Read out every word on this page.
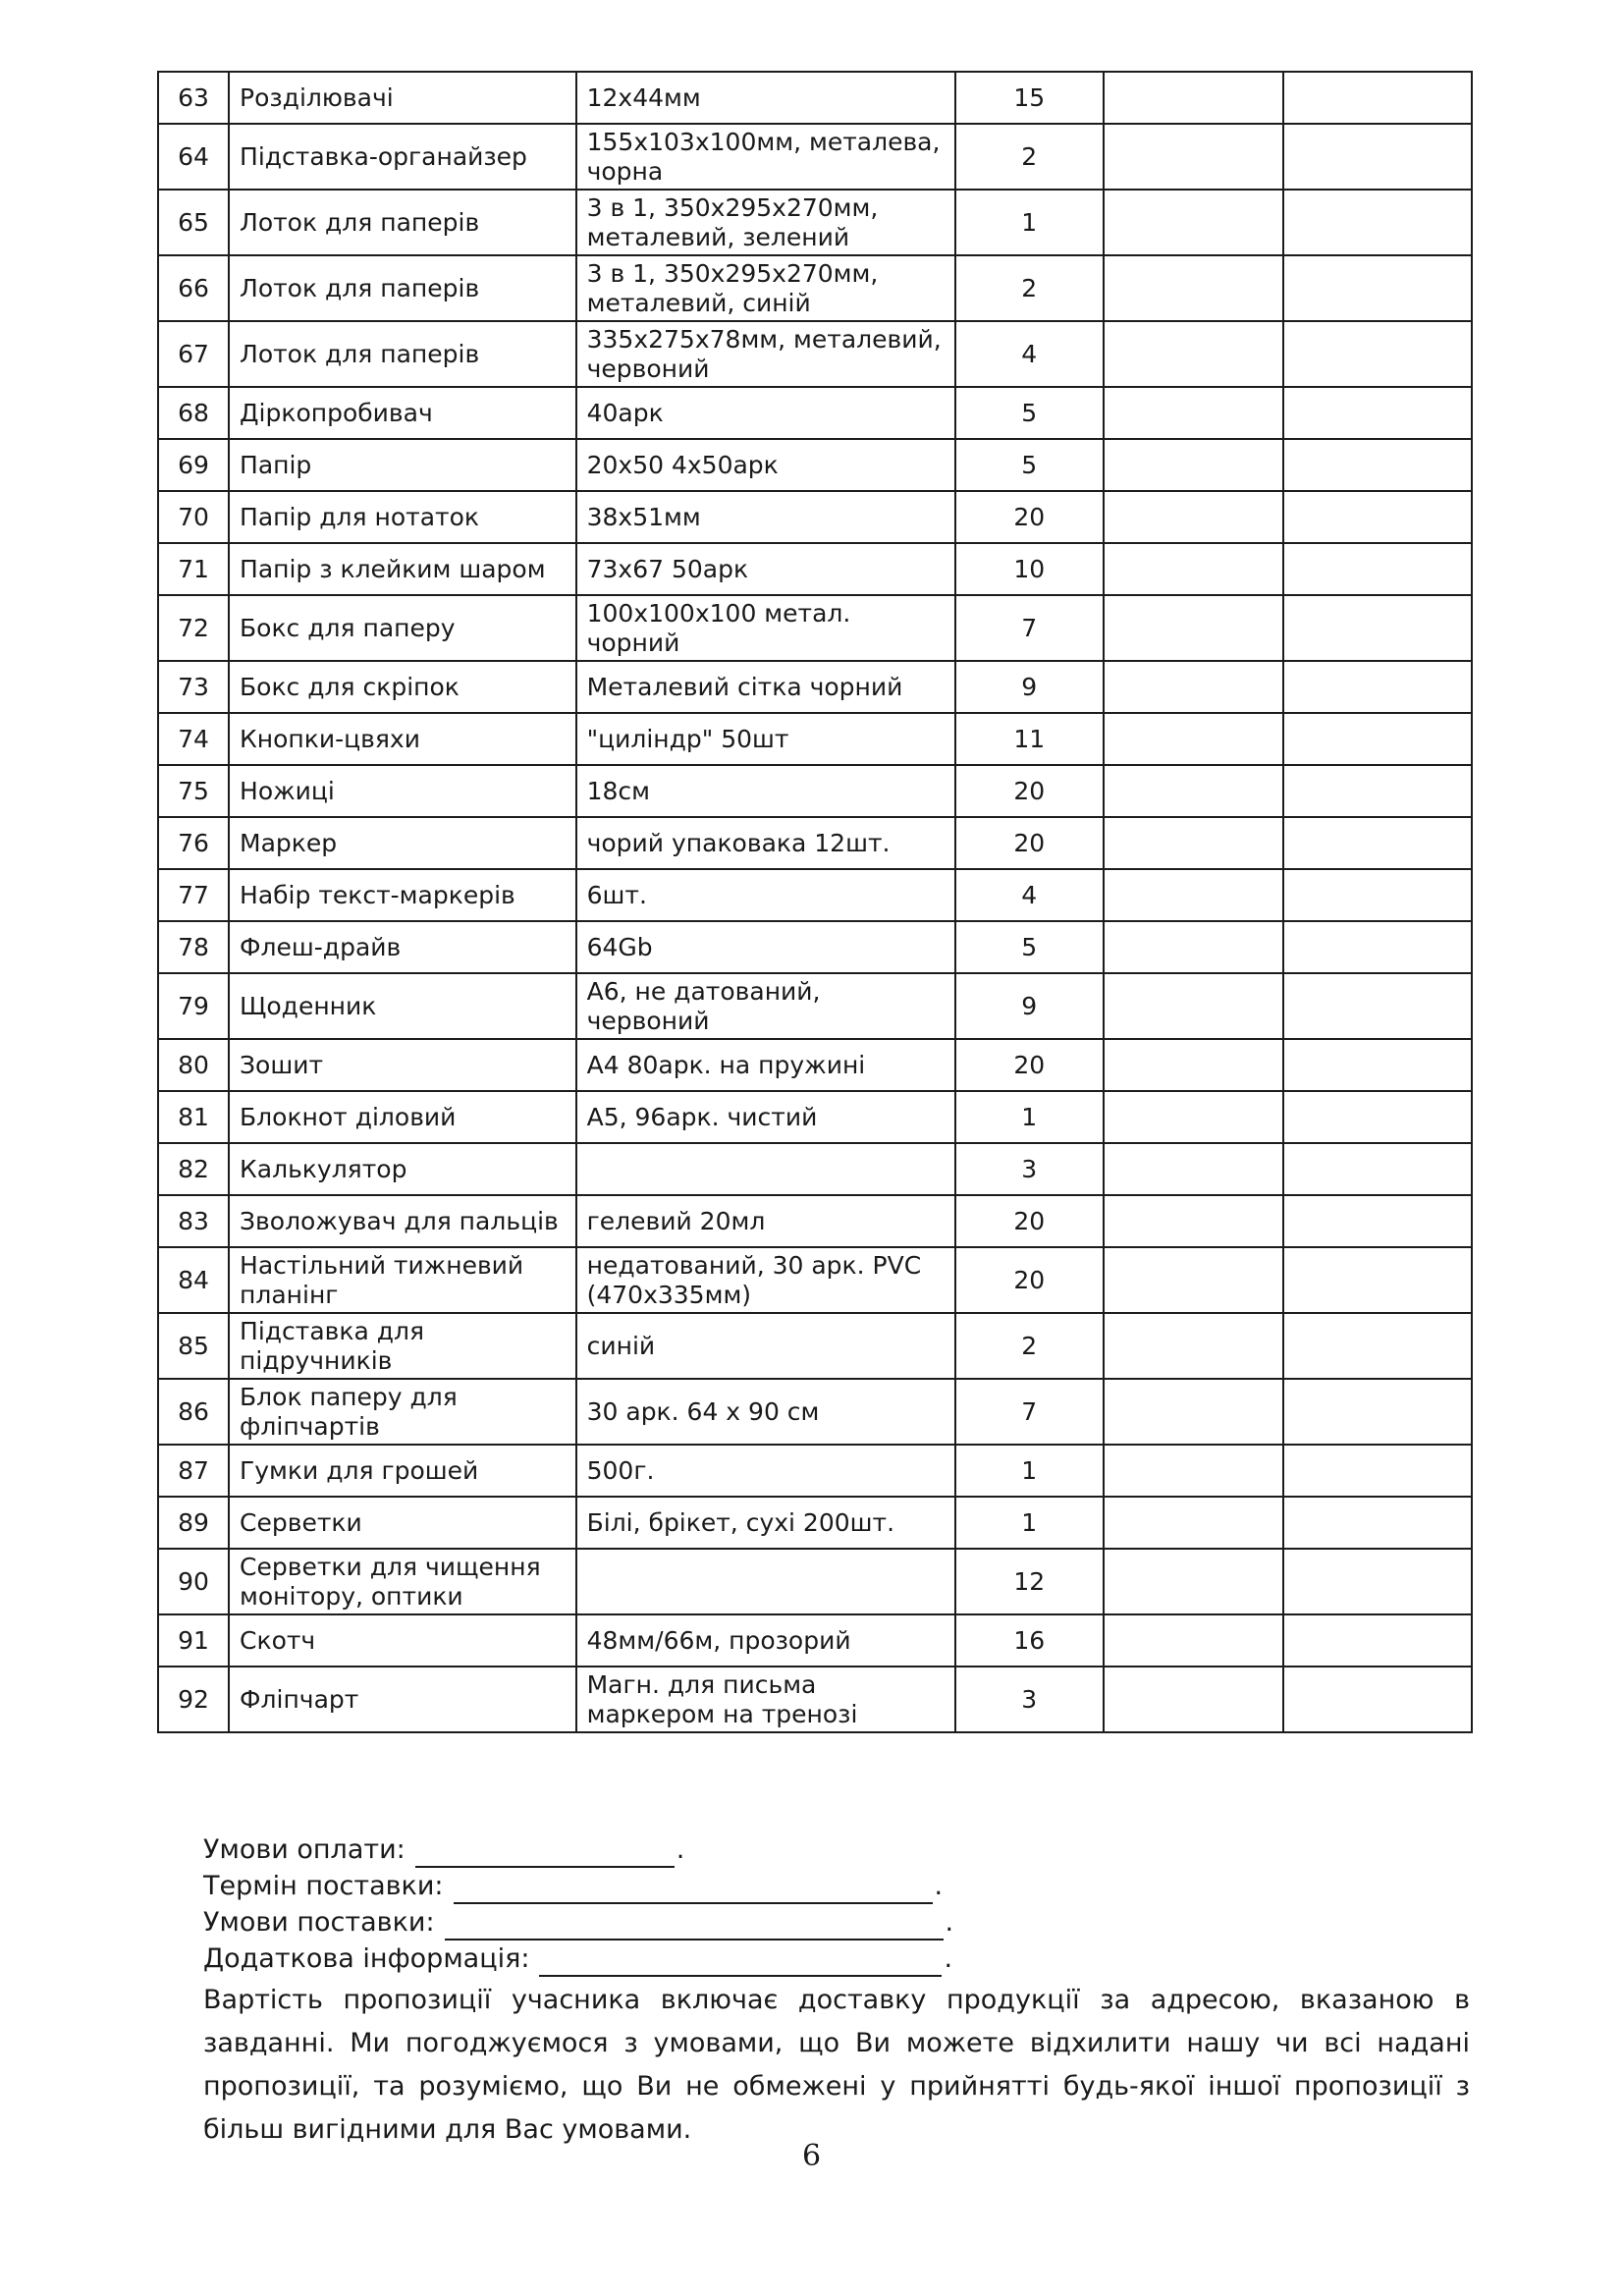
63	Розділювачі	12x44мм	15		
64	Підставка-органайзер	155x103x100мм, металева, чорна	2		
65	Лоток для паперів	3 в 1, 350x295x270мм, металевий, зелений	1		
66	Лоток для паперів	3 в 1, 350x295x270мм, металевий, синій	2		
67	Лоток для паперів	335x275x78мм, металевий, червоний	4		
68	Діркопробивач	40арк	5		
69	Папір	20x50 4x50арк	5		
70	Папір для нотаток	38x51мм	20		
71	Папір з клейким шаром	73x67 50арк	10		
72	Бокс для паперу	100x100x100 метал. чорний	7		
73	Бокс для скріпок	Металевий сітка чорний	9		
74	Кнопки-цвяхи	"циліндр" 50шт	11		
75	Ножиці	18см	20		
76	Маркер	чорий упаковака 12шт.	20		
77	Набір текст-маркерів	6шт.	4		
78	Флеш-драйв	64Gb	5		
79	Щоденник	А6, не датований, червоний	9		
80	Зошит	А4 80арк. на пружині	20		
81	Блокнот діловий	А5, 96арк. чистий	1		
82	Калькулятор		3		
83	Зволожувач для пальців	гелевий 20мл	20		
84	Настільний тижневий планінг	недатований, 30 арк. PVC (470x335мм)	20		
85	Підставка для підручників	синій	2		
86	Блок паперу для фліпчартів	30 арк. 64 х 90 см	7		
87	Гумки для грошей	500г.	1		
89	Серветки	Білі, брікет, сухі 200шт.	1		
90	Серветки для чищення монітору, оптики		12		
91	Скотч	48мм/66м, прозорий	16		
92	Фліпчарт	Магн. для письма маркером на тренозі	3		
Умови оплати:	.
Термін поставки:	.
Умови поставки:	.
Додаткова інформація:	.
Вартість пропозиції учасника включає доставку продукції за адресою, вказаною в завданні. Ми погоджуємося з умовами, що Ви можете відхилити нашу чи всі надані пропозиції, та розуміємо, що Ви не обмежені у прийнятті будь-якої іншої пропозиції з більш вигідними для Вас умовами.
6
